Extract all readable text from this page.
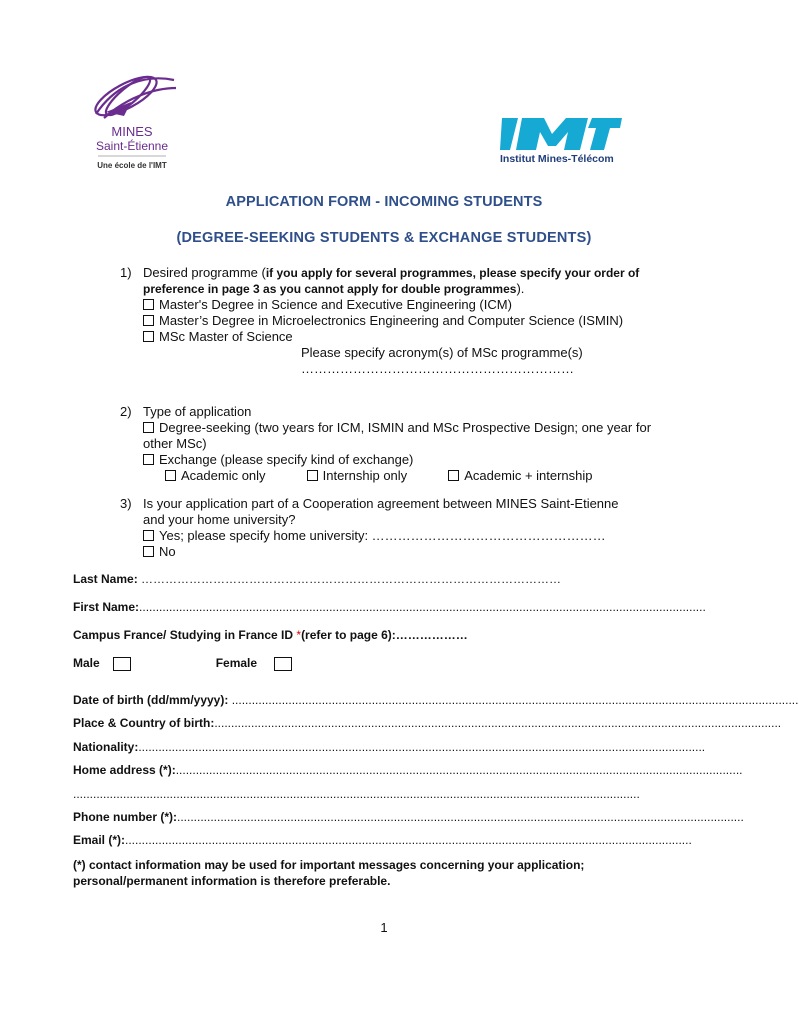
MINES
Saint-Étienne
Une école de l'IMT
Institut Mines-Télécom
APPLICATION FORM - INCOMING STUDENTS
(DEGREE-SEEKING STUDENTS & EXCHANGE STUDENTS)
1) Desired programme (if you apply for several programmes, please specify your order of preference in page 3 as you cannot apply for double programmes).
Master's Degree in Science and Executive Engineering (ICM)
Master’s Degree in Microelectronics Engineering and Computer Science (ISMIN)
MSc Master of Science
Please specify acronym(s) of MSc programme(s)
………………………………………………………
2) Type of application
Degree-seeking (two years for ICM, ISMIN and MSc Prospective Design; one year for other MSc)
Exchange (please specify kind of exchange)
Academic only	Internship only	Academic + internship
3) Is your application part of a Cooperation agreement between MINES Saint-Etienne and your home university?
Yes; please specify home university: ………………………………………………
No
Last Name: ……………………………………………………………………………………………
First Name:..........................................................................................................................................................................
Campus France/ Studying in France ID *(refer to page 6):………………
Male	Female
Date of birth (dd/mm/yyyy): ..........................................................................................................................................................................
Place & Country of birth:..........................................................................................................................................................................
Nationality:..........................................................................................................................................................................
Home address (*):..........................................................................................................................................................................
..........................................................................................................................................................................
Phone number (*):..........................................................................................................................................................................
Email (*):..........................................................................................................................................................................
(*) contact information may be used for important messages concerning your application; personal/permanent information is therefore preferable.
1
